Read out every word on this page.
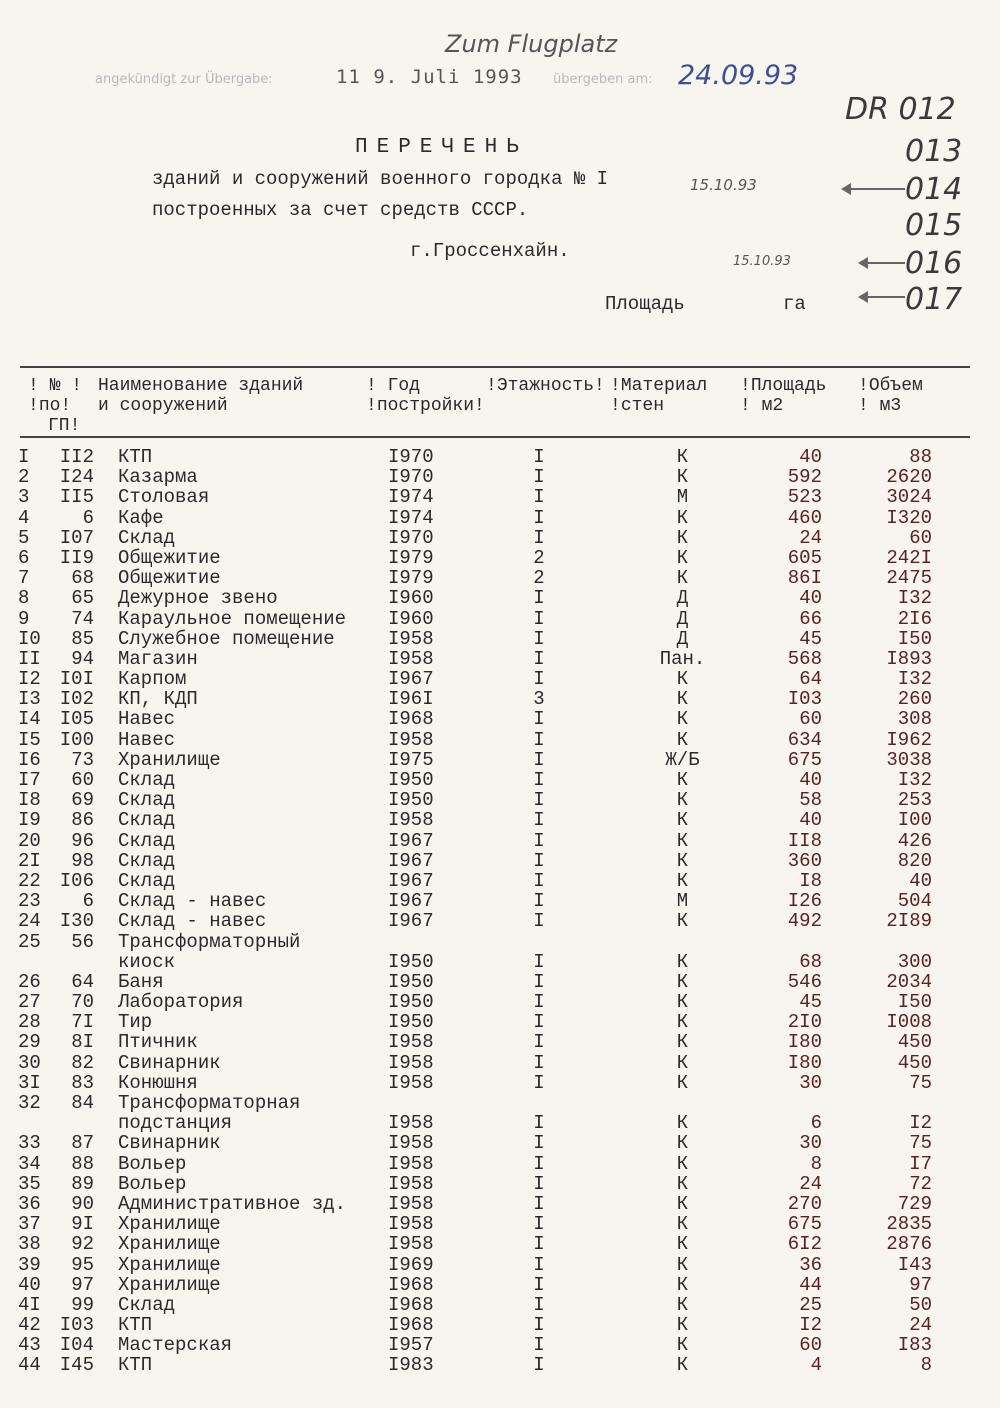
angekündigt zur Übergabe:	11 9. Juli 1993 übergeben am: 24.09.93
Zum Flugplatz
ПЕРЕЧЕНЬ
зданий и сооружений военного городка № I
построенных за счет средств СССР.
г.Гроссенхайн.
Площадь	га
DR 012
013
014
015
016
017
15.10.93
15.10.93
! № !
!по!
ГП!
Наименование зданий
и сооружений
! Год
!постройки!
!Этажность! !Материал
!стен
!Площадь
! м2
!Объем
! м3
I	II2 КТП	I970	I	К	40	88
2	I24 Казарма	I970	I	К	592	2620
3	II5 Столовая	I974	I	М	523	3024
4	6 Кафе	I974	I	К	460	I320
5	I07 Склад	I970	I	К	24	60
6	II9 Общежитие	I979	2	К	605	242I
7	68 Общежитие	I979	2	К	86I	2475
8	65 Дежурное звено	I960	I	Д	40	I32
9	74 Караульное помещение I960	I	Д	66	2I6
I0	85 Служебное помещение	I958	I	Д	45	I50
II	94 Магазин	I958	I	Пан.	568	I893
I2 I0I Карпом	I967	I	К	64	I32
I3 I02 КП, КДП	I96I	3	К	I03	260
I4 I05 Навес	I968	I	К	60	308
I5 I00 Навес	I958	I	К	634	I962
I6	73 Хранилище	I975	I	Ж/Б	675	3038
I7	60 Склад	I950	I	К	40	I32
I8	69 Склад	I950	I	К	58	253
I9	86 Склад	I958	I	К	40	I00
20	96 Склад	I967	I	К	II8	426
2I	98 Склад	I967	I	К	360	820
22 I06 Склад	I967	I	К	I8	40
23	6 Склад - навес	I967	I	М	I26	504
24 I30 Склад - навес	I967	I	К	492	2I89
25	56 Трансформаторный
киоск	I950	I	К	68	300
26	64 Баня	I950	I	К	546	2034
27	70 Лаборатория	I950	I	К	45	I50
28	7I Тир	I950	I	К	2I0	I008
29	8I Птичник	I958	I	К	I80	450
30	82 Свинарник	I958	I	К	I80	450
3I	83 Конюшня	I958	I	К	30	75
32	84 Трансформаторная
подстанция	I958	I	К	6	I2
33	87 Свинарник	I958	I	К	30	75
34	88 Вольер	I958	I	К	8	I7
35	89 Вольер	I958	I	К	24	72
36	90 Административное зд. I958	I	К	270	729
37	9I Хранилище	I958	I	К	675	2835
38	92 Хранилище	I958	I	К	6I2	2876
39	95 Хранилище	I969	I	К	36	I43
40	97 Хранилище	I968	I	К	44	97
4I	99 Склад	I968	I	К	25	50
42 I03 КТП	I968	I	К	I2	24
43 I04 Мастерская	I957	I	К	60	I83
44 I45 КТП	I983	I	К	4	8
